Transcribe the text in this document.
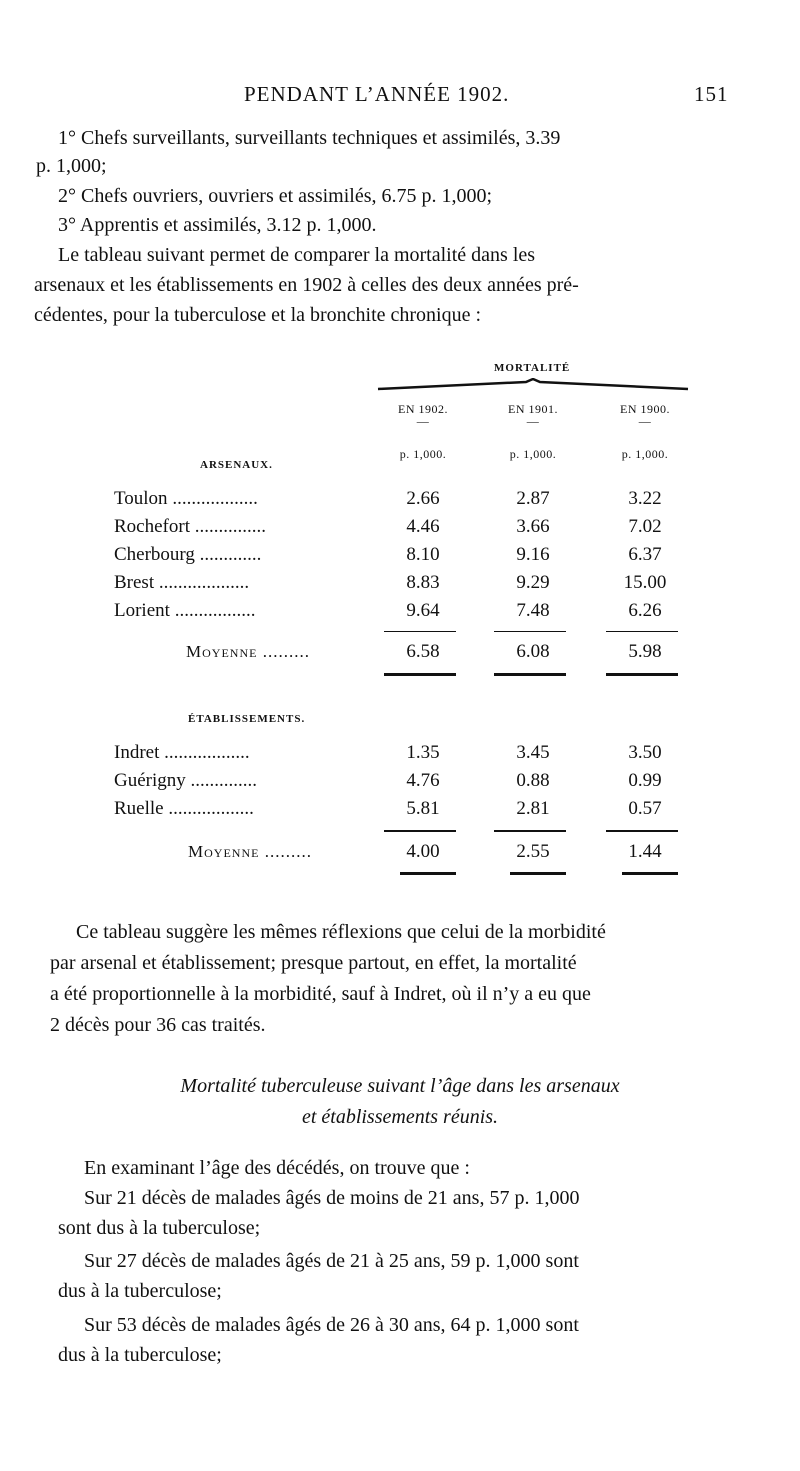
PENDANT L’ANNÉE 1902.	151
1° Chefs surveillants, surveillants techniques et assimilés, 3.39
p. 1,000;
2° Chefs ouvriers, ouvriers et assimilés, 6.75 p. 1,000;
3° Apprentis et assimilés, 3.12 p. 1,000.
Le tableau suivant permet de comparer la mortalité dans les
arsenaux et les établissements en 1902 à celles des deux années pré-
cédentes, pour la tuberculose et la bronchite chronique :
MORTALITÉ
EN 1902.	EN 1901.	EN 1900.
—	—	—
p. 1,000.	p. 1,000.	p. 1,000.
ARSENAUX.
Toulon ..................	2.66	2.87	3.22
Rochefort ...............	4.46	3.66	7.02
Cherbourg .............	8.10	9.16	6.37
Brest ...................	8.83	9.29	15.00
Lorient .................	9.64	7.48	6.26
Moyenne .........	6.58	6.08	5.98
ÉTABLISSEMENTS.
Indret ..................	1.35	3.45	3.50
Guérigny ..............	4.76	0.88	0.99
Ruelle ..................	5.81	2.81	0.57
Moyenne .........	4.00	2.55	1.44
Ce tableau suggère les mêmes réflexions que celui de la morbidité
par arsenal et établissement; presque partout, en effet, la mortalité
a été proportionnelle à la morbidité, sauf à Indret, où il n’y a eu que
2 décès pour 36 cas traités.
Mortalité tuberculeuse suivant l’âge dans les arsenaux
et établissements réunis.
En examinant l’âge des décédés, on trouve que :
Sur 21 décès de malades âgés de moins de 21 ans, 57 p. 1,000
sont dus à la tuberculose;
Sur 27 décès de malades âgés de 21 à 25 ans, 59 p. 1,000 sont
dus à la tuberculose;
Sur 53 décès de malades âgés de 26 à 30 ans, 64 p. 1,000 sont
dus à la tuberculose;
